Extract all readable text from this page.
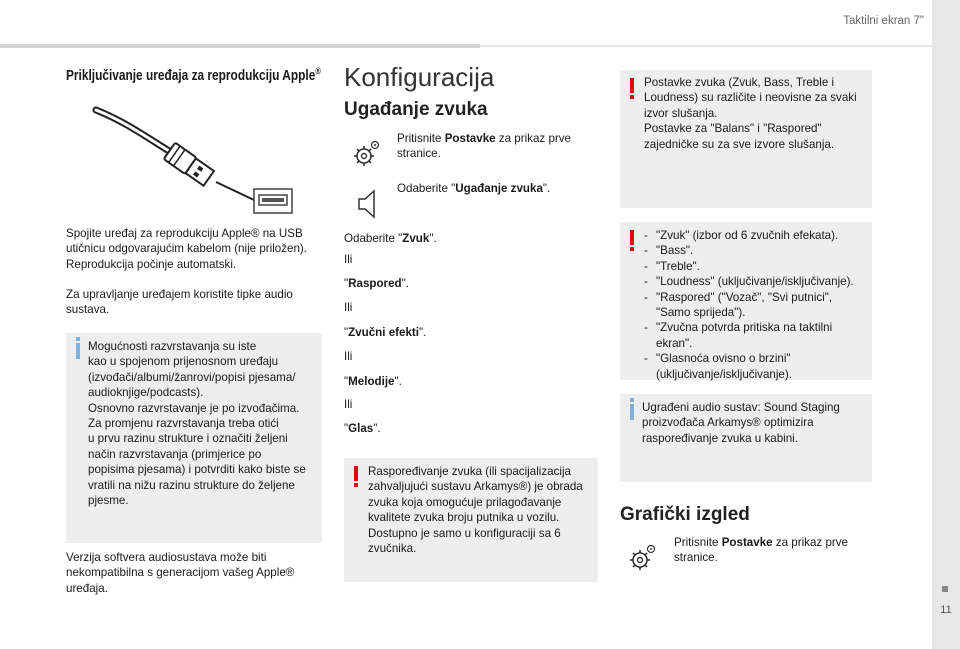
Taktilni ekran 7"
11
Priključivanje uređaja za reprodukciju Apple®
Spojite uređaj za reprodukciju Apple® na USB utičnicu odgovarajućim kabelom (nije priložen). Reprodukcija počinje automatski.
Za upravljanje uređajem koristite tipke audio sustava.
Mogućnosti razvrstavanja su iste
kao u spojenom prijenosnom uređaju
(izvođači/albumi/žanrovi/popisi pjesama/
audioknjige/podcasts).
Osnovno razvrstavanje je po izvođačima.
Za promjenu razvrstavanja treba otići
u prvu razinu strukture i označiti željeni
način razvrstavanja (primjerice po
popisima pjesama) i potvrditi kako biste se
vratili na nižu razinu strukture do željene
pjesme.
Verzija softvera audiosustava može biti nekompatibilna s generacijom vašeg Apple® uređaja.
Konfiguracija
Ugađanje zvuka
Pritisnite Postavke za prikaz prve stranice.
Odaberite "Ugađanje zvuka".
Odaberite "Zvuk".
Ili
"Raspored".
Ili
"Zvučni efekti".
Ili
"Melodije".
Ili
"Glas".
Raspoređivanje zvuka (ili spacijalizacija
zahvaljujući sustavu Arkamys®) je obrada
zvuka koja omogućuje prilagođavanje
kvalitete zvuka broju putnika u vozilu.
Dostupno je samo u konfiguraciji sa 6
zvučnika.
Postavke zvuka (Zvuk, Bass, Treble i
Loudness) su različite i neovisne za svaki
izvor slušanja.
Postavke za "Balans" i "Raspored"
zajedničke su za sve izvore slušanja.
- "Zvuk" (izbor od 6 zvučnih efekata).
- "Bass".
- "Treble".
- "Loudness" (uključivanje/isključivanje).
- "Raspored" ("Vozač", "Svi putnici", "Samo sprijeda").
- "Zvučna potvrda pritiska na taktilni ekran".
- "Glasnoća ovisno o brzini" (uključivanje/isključivanje).
Ugrađeni audio sustav: Sound Staging
proizvođača Arkamys® optimizira
raspoređivanje zvuka u kabini.
Grafički izgled
Pritisnite Postavke za prikaz prve stranice.
